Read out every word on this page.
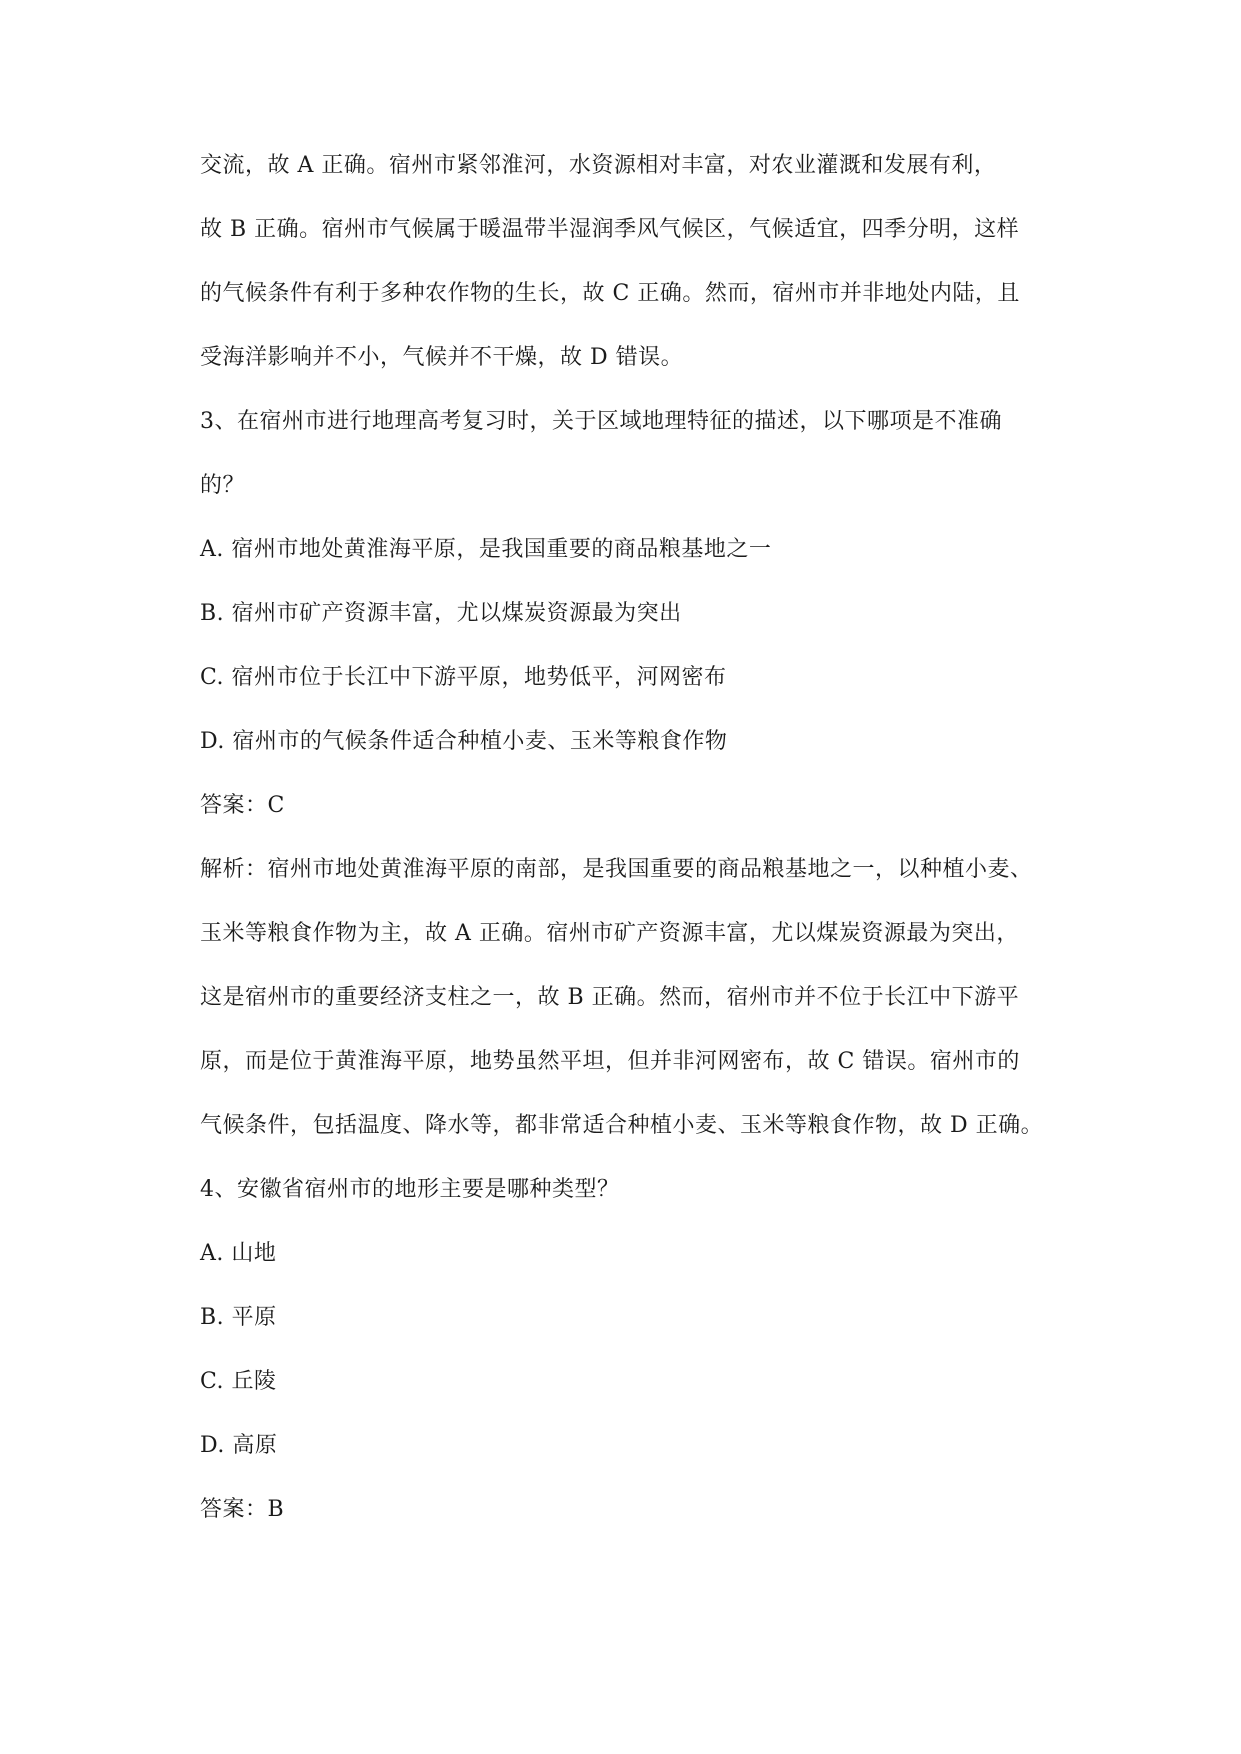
交流，故 A 正确。宿州市紧邻淮河，水资源相对丰富，对农业灌溉和发展有利，
故 B 正确。宿州市气候属于暖温带半湿润季风气候区，气候适宜，四季分明，这样
的气候条件有利于多种农作物的生长，故 C 正确。然而，宿州市并非地处内陆，且
受海洋影响并不小，气候并不干燥，故 D 错误。
3、在宿州市进行地理高考复习时，关于区域地理特征的描述，以下哪项是不准确
的？
A. 宿州市地处黄淮海平原，是我国重要的商品粮基地之一
B. 宿州市矿产资源丰富，尤以煤炭资源最为突出
C. 宿州市位于长江中下游平原，地势低平，河网密布
D. 宿州市的气候条件适合种植小麦、玉米等粮食作物
答案：C
解析：宿州市地处黄淮海平原的南部，是我国重要的商品粮基地之一，以种植小麦、
玉米等粮食作物为主，故 A 正确。宿州市矿产资源丰富，尤以煤炭资源最为突出，
这是宿州市的重要经济支柱之一，故 B 正确。然而，宿州市并不位于长江中下游平
原，而是位于黄淮海平原，地势虽然平坦，但并非河网密布，故 C 错误。宿州市的
气候条件，包括温度、降水等，都非常适合种植小麦、玉米等粮食作物，故 D 正确。
4、安徽省宿州市的地形主要是哪种类型？
A. 山地
B. 平原
C. 丘陵
D. 高原
答案：B
